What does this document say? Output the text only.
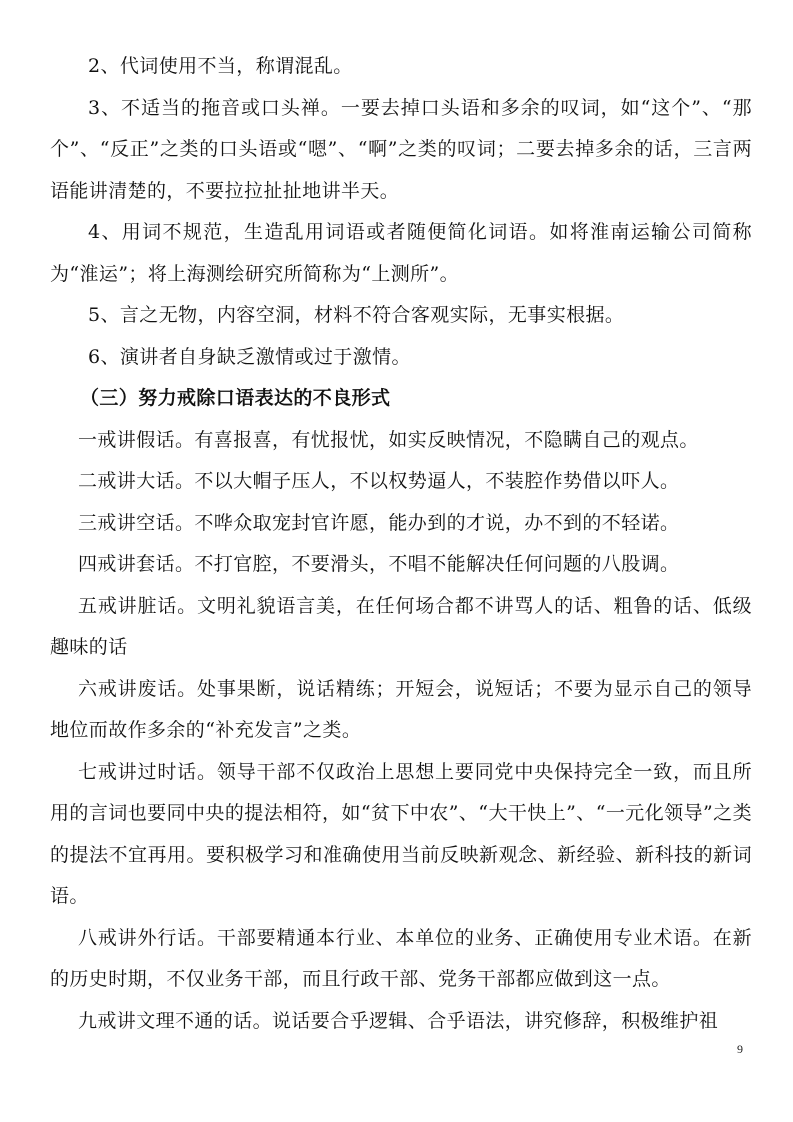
2、代词使用不当，称谓混乱。

3、不适当的拖音或口头禅。一要去掉口头语和多余的叹词，如“这个”、“那个”、“反正”之类的口头语或“嗯”、“啊”之类的叹词；二要去掉多余的话，三言两语能讲清楚的，不要拉拉扯扯地讲半天。

4、用词不规范，生造乱用词语或者随便简化词语。如将淮南运输公司简称为“淮运”；将上海测绘研究所简称为“上测所”。

5、言之无物，内容空洞，材料不符合客观实际，无事实根据。

6、演讲者自身缺乏激情或过于激情。

（三）努力戒除口语表达的不良形式

一戒讲假话。有喜报喜，有忧报忧，如实反映情况，不隐瞒自己的观点。

二戒讲大话。不以大帽子压人，不以权势逼人，不装腔作势借以吓人。

三戒讲空话。不哗众取宠封官许愿，能办到的才说，办不到的不轻诺。

四戒讲套话。不打官腔，不要滑头，不唱不能解决任何问题的八股调。

五戒讲脏话。文明礼貌语言美，在任何场合都不讲骂人的话、粗鲁的话、低级趣味的话

六戒讲废话。处事果断，说话精练；开短会，说短话；不要为显示自己的领导地位而故作多余的“补充发言”之类。

七戒讲过时话。领导干部不仅政治上思想上要同党中央保持完全一致，而且所用的言词也要同中央的提法相符，如“贫下中农”、“大干快上”、“一元化领导”之类的提法不宜再用。要积极学习和准确使用当前反映新观念、新经验、新科技的新词语。

八戒讲外行话。干部要精通本行业、本单位的业务、正确使用专业术语。在新的历史时期，不仅业务干部，而且行政干部、党务干部都应做到这一点。

九戒讲文理不通的话。说话要合乎逻辑、合乎语法，讲究修辞，积极维护祖

9
